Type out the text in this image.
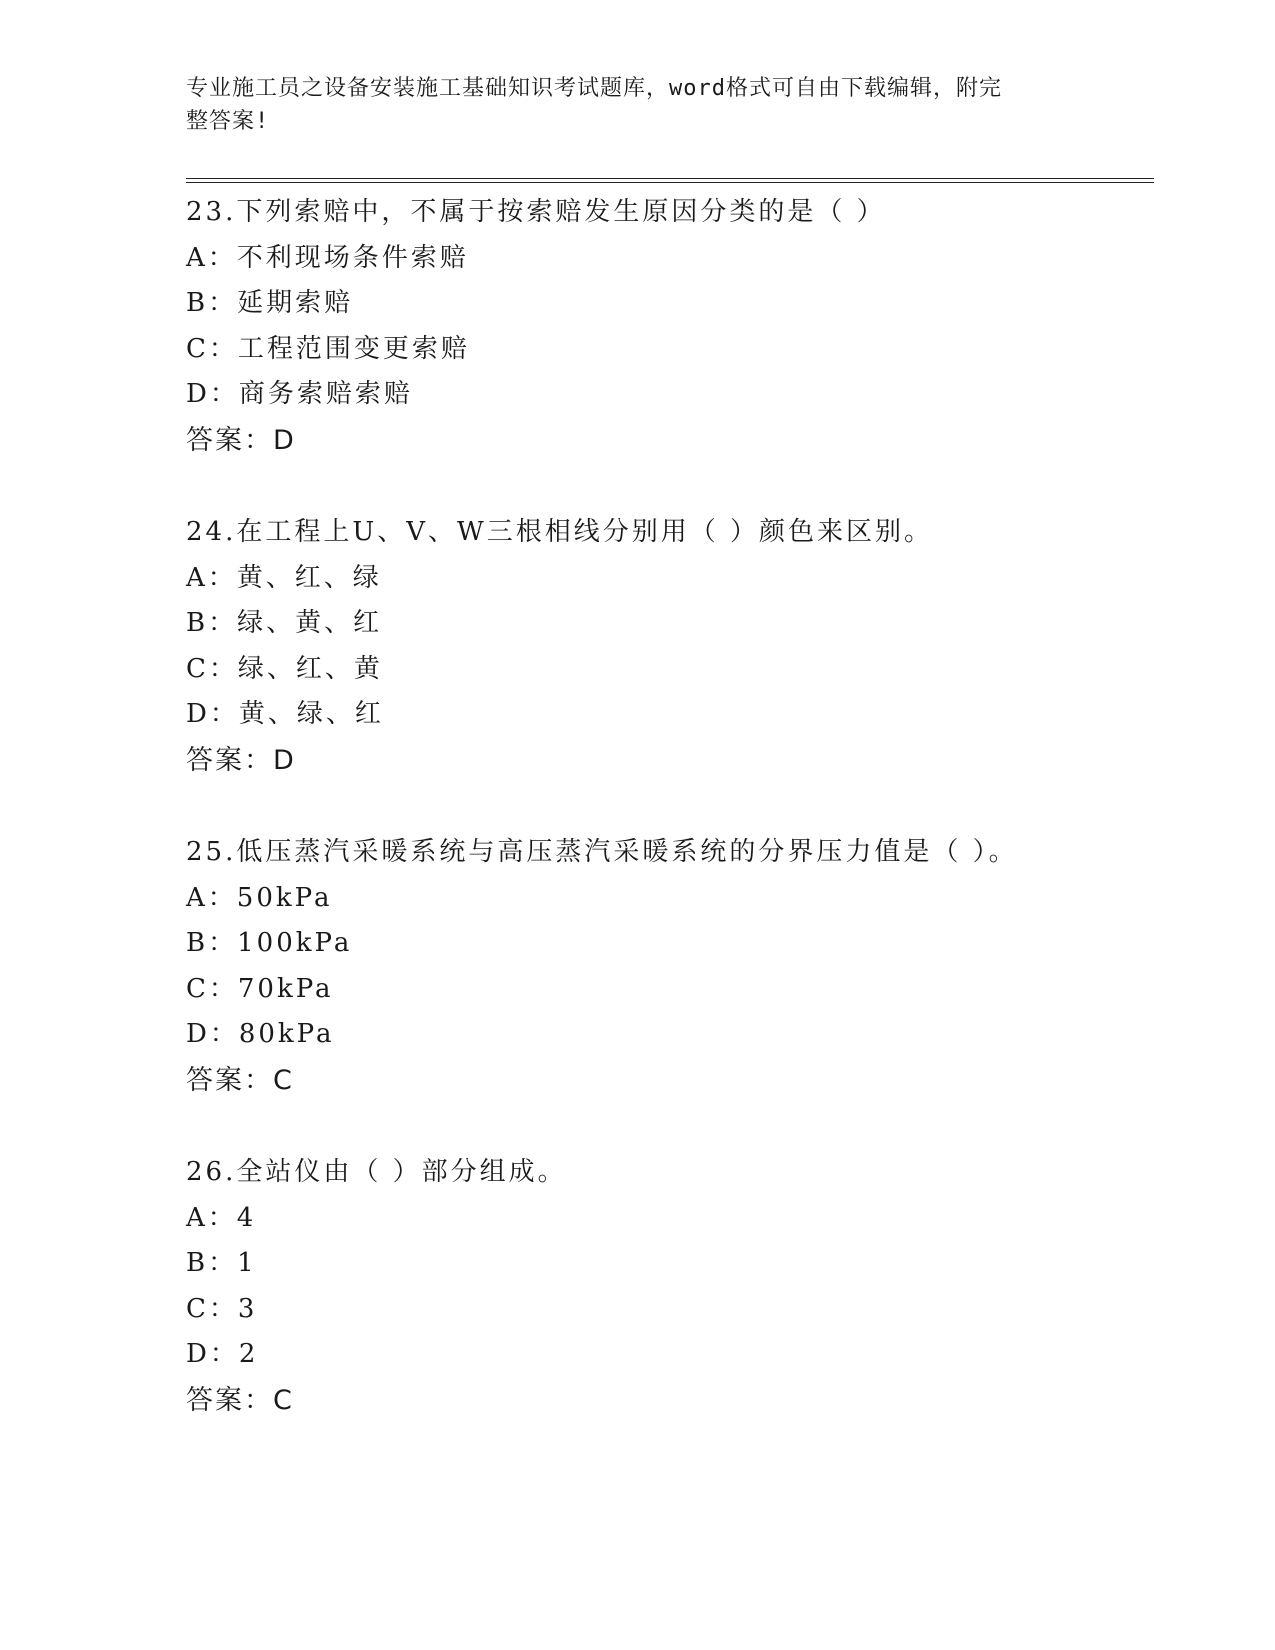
专业施工员之设备安装施工基础知识考试题库，word格式可自由下载编辑，附完
整答案!
23.下列索赔中，不属于按索赔发生原因分类的是（ ）
A：不利现场条件索赔
B：延期索赔
C：工程范围变更索赔
D：商务索赔索赔
答案：D
24.在工程上U、V、W三根相线分别用（ ）颜色来区别。
A：黄、红、绿
B：绿、黄、红
C：绿、红、黄
D：黄、绿、红
答案：D
25.低压蒸汽采暖系统与高压蒸汽采暖系统的分界压力值是（ ）。
A：50kPa
B：100kPa
C：70kPa
D：80kPa
答案：C
26.全站仪由（ ）部分组成。
A：4
B：1
C：3
D：2
答案：C
